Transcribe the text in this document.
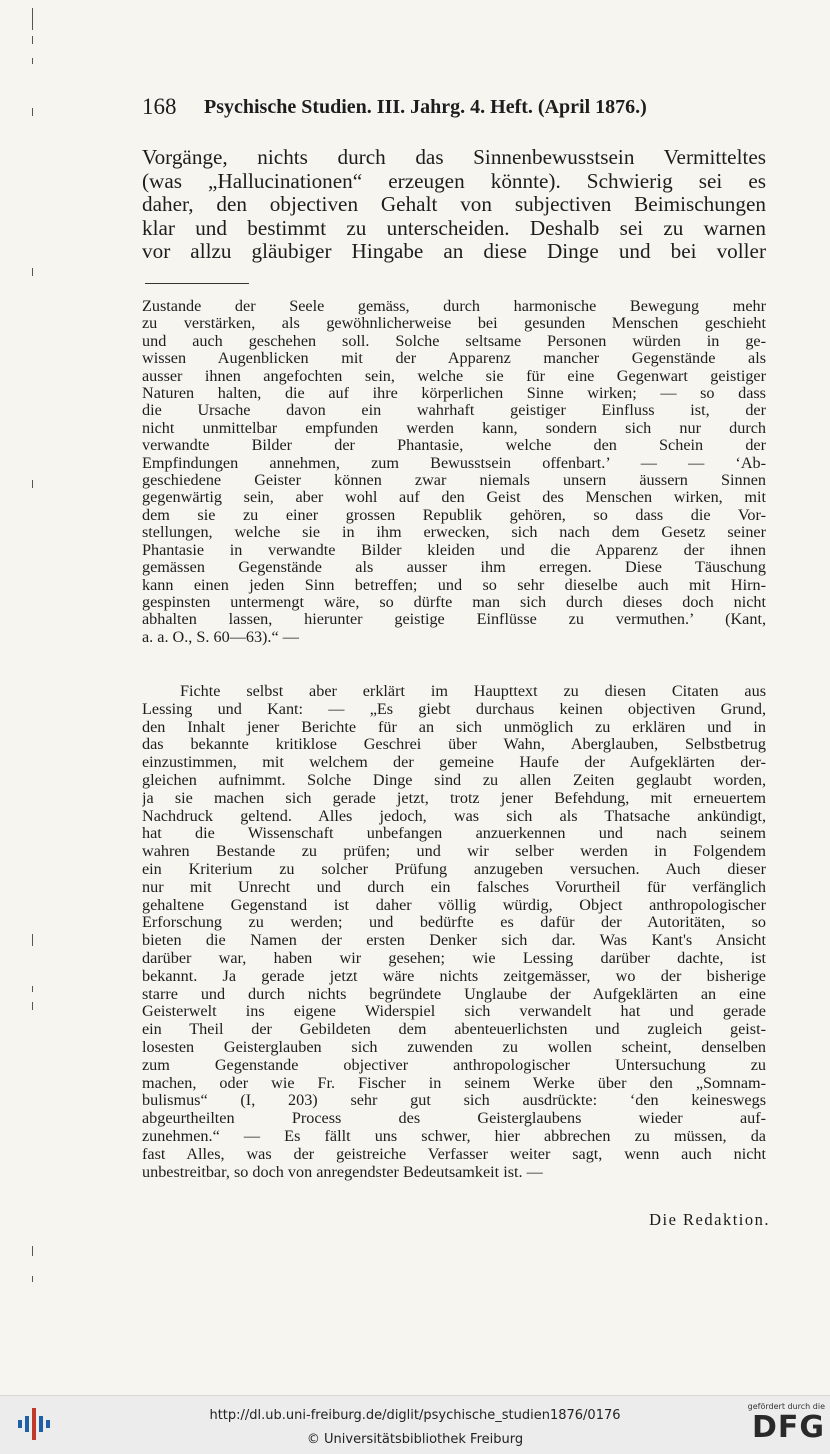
168 Psychische Studien. III. Jahrg. 4. Heft. (April 1876.)
Vorgänge, nichts durch das Sinnenbewusstsein Vermitteltes
(was „Hallucinationen“ erzeugen könnte). Schwierig sei es
daher, den objectiven Gehalt von subjectiven Beimischungen
klar und bestimmt zu unterscheiden. Deshalb sei zu warnen
vor allzu gläubiger Hingabe an diese Dinge und bei voller
Zustande der Seele gemäss, durch harmonische Bewegung mehr
zu verstärken, als gewöhnlicherweise bei gesunden Menschen geschieht
und auch geschehen soll. Solche seltsame Personen würden in ge-
wissen Augenblicken mit der Apparenz mancher Gegenstände als
ausser ihnen angefochten sein, welche sie für eine Gegenwart geistiger
Naturen halten, die auf ihre körperlichen Sinne wirken; — so dass
die Ursache davon ein wahrhaft geistiger Einfluss ist, der
nicht unmittelbar empfunden werden kann, sondern sich nur durch
verwandte Bilder der Phantasie, welche den Schein der
Empfindungen annehmen, zum Bewusstsein offenbart.’ — — ‘Ab-
geschiedene Geister können zwar niemals unsern äussern Sinnen
gegenwärtig sein, aber wohl auf den Geist des Menschen wirken, mit
dem sie zu einer grossen Republik gehören, so dass die Vor-
stellungen, welche sie in ihm erwecken, sich nach dem Gesetz seiner
Phantasie in verwandte Bilder kleiden und die Apparenz der ihnen
gemässen Gegenstände als ausser ihm erregen. Diese Täuschung
kann einen jeden Sinn betreffen; und so sehr dieselbe auch mit Hirn-
gespinsten untermengt wäre, so dürfte man sich durch dieses doch nicht
abhalten lassen, hierunter geistige Einflüsse zu vermuthen.’ (Kant,
a. a. O., S. 60—63).“ —
Fichte selbst aber erklärt im Haupttext zu diesen Citaten aus
Lessing und Kant: — „Es giebt durchaus keinen objectiven Grund,
den Inhalt jener Berichte für an sich unmöglich zu erklären und in
das bekannte kritiklose Geschrei über Wahn, Aberglauben, Selbstbetrug
einzustimmen, mit welchem der gemeine Haufe der Aufgeklärten der-
gleichen aufnimmt. Solche Dinge sind zu allen Zeiten geglaubt worden,
ja sie machen sich gerade jetzt, trotz jener Befehdung, mit erneuertem
Nachdruck geltend. Alles jedoch, was sich als Thatsache ankündigt,
hat die Wissenschaft unbefangen anzuerkennen und nach seinem
wahren Bestande zu prüfen; und wir selber werden in Folgendem
ein Kriterium zu solcher Prüfung anzugeben versuchen. Auch dieser
nur mit Unrecht und durch ein falsches Vorurtheil für verfänglich
gehaltene Gegenstand ist daher völlig würdig, Object anthropologischer
Erforschung zu werden; und bedürfte es dafür der Autoritäten, so
bieten die Namen der ersten Denker sich dar. Was Kant's Ansicht
darüber war, haben wir gesehen; wie Lessing darüber dachte, ist
bekannt. Ja gerade jetzt wäre nichts zeitgemässer, wo der bisherige
starre und durch nichts begründete Unglaube der Aufgeklärten an eine
Geisterwelt ins eigene Widerspiel sich verwandelt hat und gerade
ein Theil der Gebildeten dem abenteuerlichsten und zugleich geist-
losesten Geisterglauben sich zuwenden zu wollen scheint, denselben
zum Gegenstande objectiver anthropologischer Untersuchung zu
machen, oder wie Fr. Fischer in seinem Werke über den „Somnam-
bulismus“ (I, 203) sehr gut sich ausdrückte: ‘den keineswegs
abgeurtheilten Process des Geisterglaubens wieder auf-
zunehmen.“ — Es fällt uns schwer, hier abbrechen zu müssen, da
fast Alles, was der geistreiche Verfasser weiter sagt, wenn auch nicht
unbestreitbar, so doch von anregendster Bedeutsamkeit ist. —
Die Redaktion.
http://dl.ub.uni-freiburg.de/diglit/psychische_studien1876/0176
© Universitätsbibliothek Freiburg
gefördert durch die
DFG
